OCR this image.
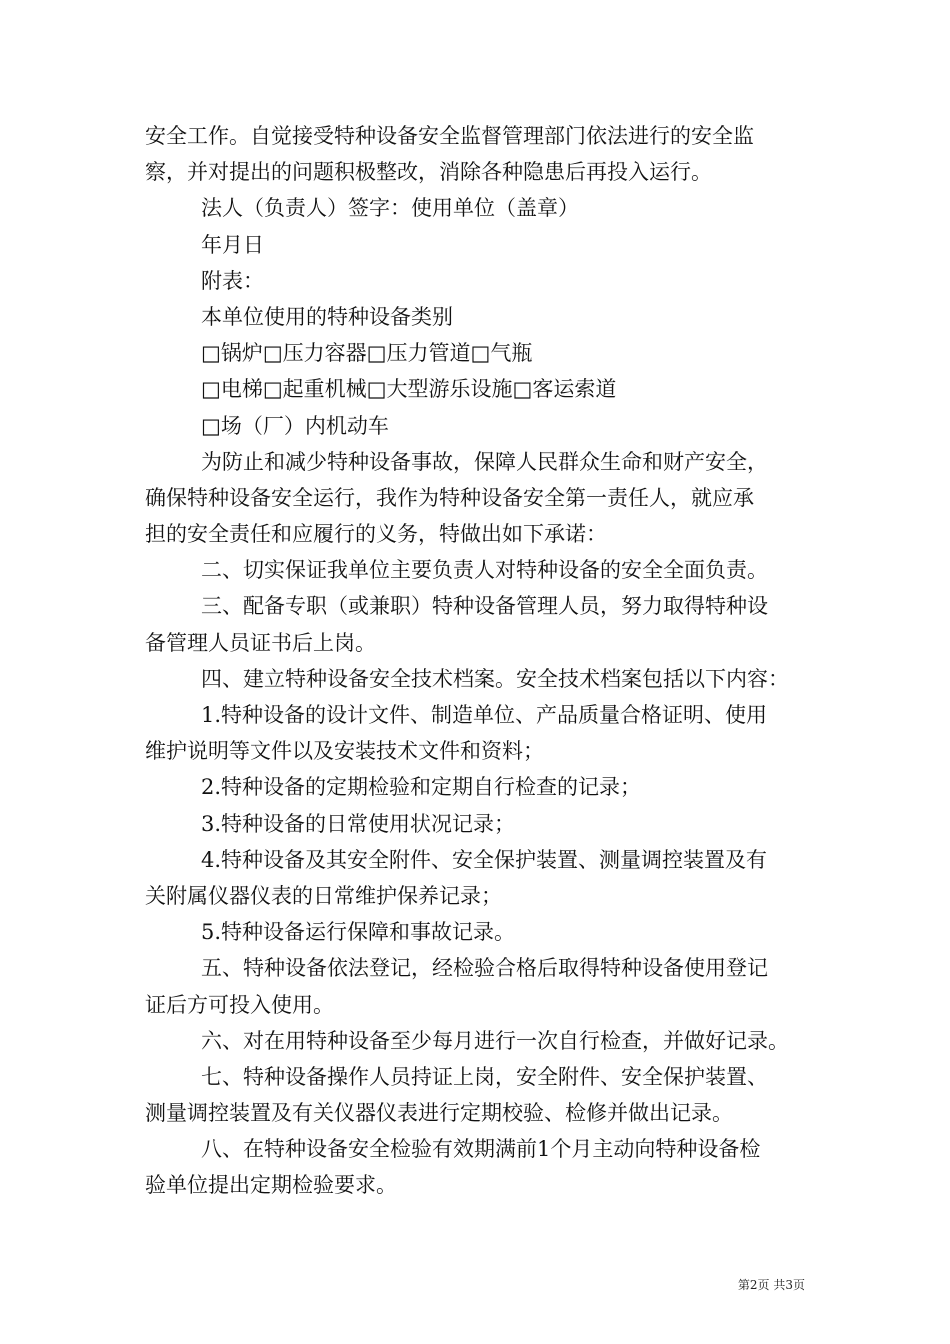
安全工作。自觉接受特种设备安全监督管理部门依法进行的安全监
察，并对提出的问题积极整改，消除各种隐患后再投入运行。
法人（负责人）签字：使用单位（盖章）
年月日
附表：
本单位使用的特种设备类别
□锅炉□压力容器□压力管道□气瓶
□电梯□起重机械□大型游乐设施□客运索道
□场（厂）内机动车
为防止和减少特种设备事故，保障人民群众生命和财产安全，
确保特种设备安全运行，我作为特种设备安全第一责任人，就应承
担的安全责任和应履行的义务，特做出如下承诺：
二、切实保证我单位主要负责人对特种设备的安全全面负责。
三、配备专职（或兼职）特种设备管理人员，努力取得特种设
备管理人员证书后上岗。
四、建立特种设备安全技术档案。安全技术档案包括以下内容：
1.特种设备的设计文件、制造单位、产品质量合格证明、使用
维护说明等文件以及安装技术文件和资料；
2.特种设备的定期检验和定期自行检查的记录；
3.特种设备的日常使用状况记录；
4.特种设备及其安全附件、安全保护装置、测量调控装置及有
关附属仪器仪表的日常维护保养记录；
5.特种设备运行保障和事故记录。
五、特种设备依法登记，经检验合格后取得特种设备使用登记
证后方可投入使用。
六、对在用特种设备至少每月进行一次自行检查，并做好记录。
七、特种设备操作人员持证上岗，安全附件、安全保护装置、
测量调控装置及有关仪器仪表进行定期校验、检修并做出记录。
八、在特种设备安全检验有效期满前1个月主动向特种设备检
验单位提出定期检验要求。
第2页 共3页
